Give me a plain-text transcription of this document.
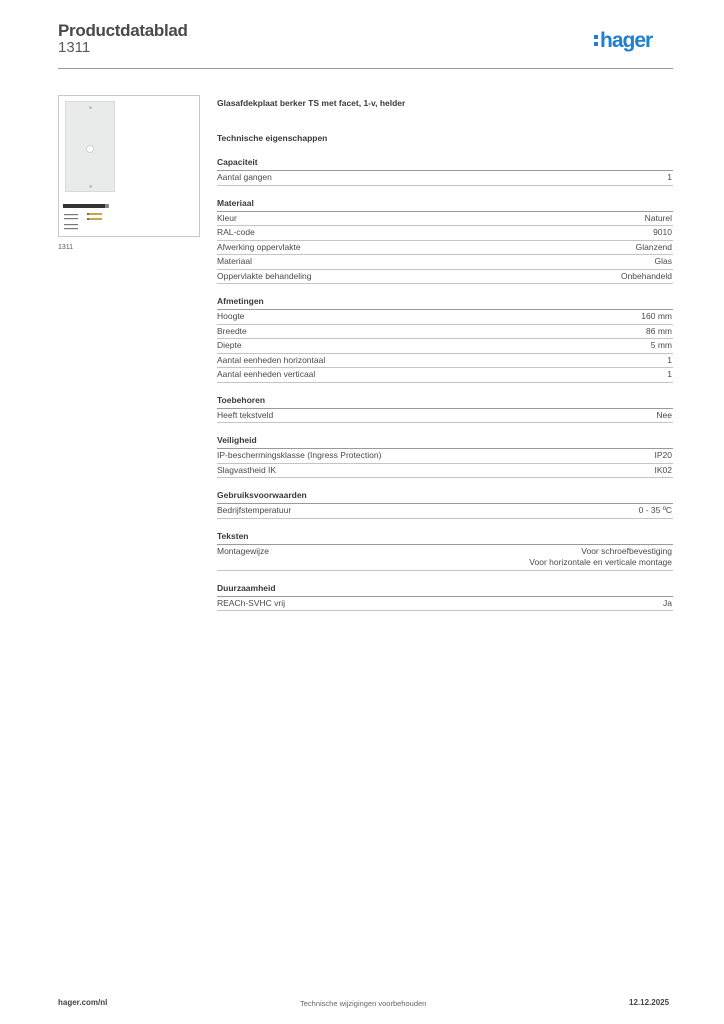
Productdatablad
1311	hager
1311
Glasafdekplaat berker TS met facet, 1-v, helder
Technische eigenschappen
Capaciteit
Aantal gangen	1
Materiaal
Kleur	Naturel
RAL-code	9010
Afwerking oppervlakte	Glanzend
Materiaal	Glas
Oppervlakte behandeling	Onbehandeld
Afmetingen
Hoogte	160 mm
Breedte	86 mm
Diepte	5 mm
Aantal eenheden horizontaal	1
Aantal eenheden verticaal	1
Toebehoren
Heeft tekstveld	Nee
Veiligheid
IP-beschermingsklasse (Ingress Protection)	IP20
Slagvastheid IK	IK02
Gebruiksvoorwaarden
Bedrijfstemperatuur	0 - 35 ºC
Teksten
Montagewijze	Voor schroefbevestiging
Voor horizontale en verticale montage
Duurzaamheid
REACh-SVHC vrij	Ja
hager.com/nl	Technische wijzigingen voorbehouden	12.12.2025
